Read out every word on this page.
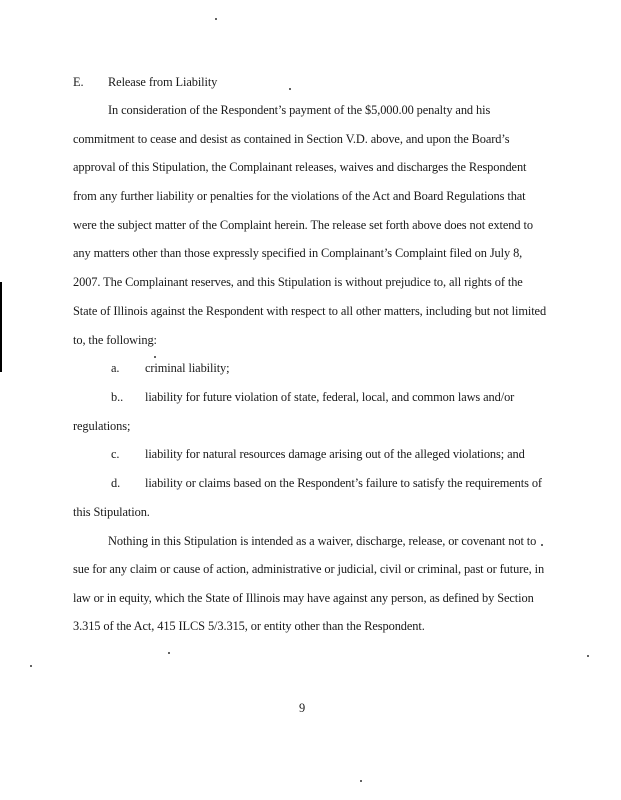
E. Release from Liability
In consideration of the Respondent’s payment of the $5,000.00 penalty and his
commitment to cease and desist as contained in Section V.D. above, and upon the Board’s
approval of this Stipulation, the Complainant releases, waives and discharges the Respondent
from any further liability or penalties for the violations of the Act and Board Regulations that
were the subject matter of the Complaint herein. The release set forth above does not extend to
any matters other than those expressly specified in Complainant’s Complaint filed on July 8,
2007. The Complainant reserves, and this Stipulation is without prejudice to, all rights of the
State of Illinois against the Respondent with respect to all other matters, including but not limited
to, the following:
a. criminal liability;
b.. liability for future violation of state, federal, local, and common laws and/or
regulations;
c. liability for natural resources damage arising out of the alleged violations; and
d. liability or claims based on the Respondent’s failure to satisfy the requirements of
this Stipulation.
Nothing in this Stipulation is intended as a waiver, discharge, release, or covenant not to
sue for any claim or cause of action, administrative or judicial, civil or criminal, past or future, in
law or in equity, which the State of Illinois may have against any person, as defined by Section
3.315 of the Act, 415 ILCS 5/3.315, or entity other than the Respondent.
9
